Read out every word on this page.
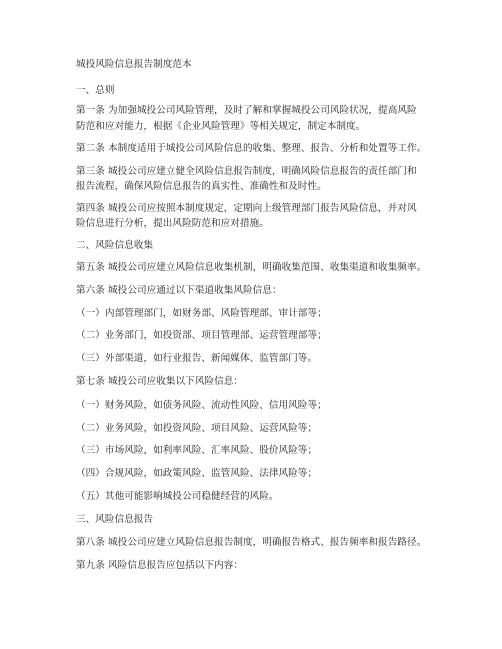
城投风险信息报告制度范本
一、总则
第一条 为加强城投公司风险管理，及时了解和掌握城投公司风险状况，提高风险
防范和应对能力，根据《企业风险管理》等相关规定，制定本制度。
第二条 本制度适用于城投公司风险信息的收集、整理、报告、分析和处置等工作。
第三条 城投公司应建立健全风险信息报告制度，明确风险信息报告的责任部门和
报告流程，确保风险信息报告的真实性、准确性和及时性。
第四条 城投公司应按照本制度规定，定期向上级管理部门报告风险信息，并对风
险信息进行分析，提出风险防范和应对措施。
二、风险信息收集
第五条 城投公司应建立风险信息收集机制，明确收集范围、收集渠道和收集频率。
第六条 城投公司应通过以下渠道收集风险信息：
（一）内部管理部门，如财务部、风险管理部、审计部等；
（二）业务部门，如投资部、项目管理部、运营管理部等；
（三）外部渠道，如行业报告、新闻媒体、监管部门等。
第七条 城投公司应收集以下风险信息：
（一）财务风险，如债务风险、流动性风险、信用风险等；
（二）业务风险，如投资风险、项目风险、运营风险等；
（三）市场风险，如利率风险、汇率风险、股价风险等；
（四）合规风险，如政策风险、监管风险、法律风险等；
（五）其他可能影响城投公司稳健经营的风险。
三、风险信息报告
第八条 城投公司应建立风险信息报告制度，明确报告格式、报告频率和报告路径。
第九条 风险信息报告应包括以下内容：
